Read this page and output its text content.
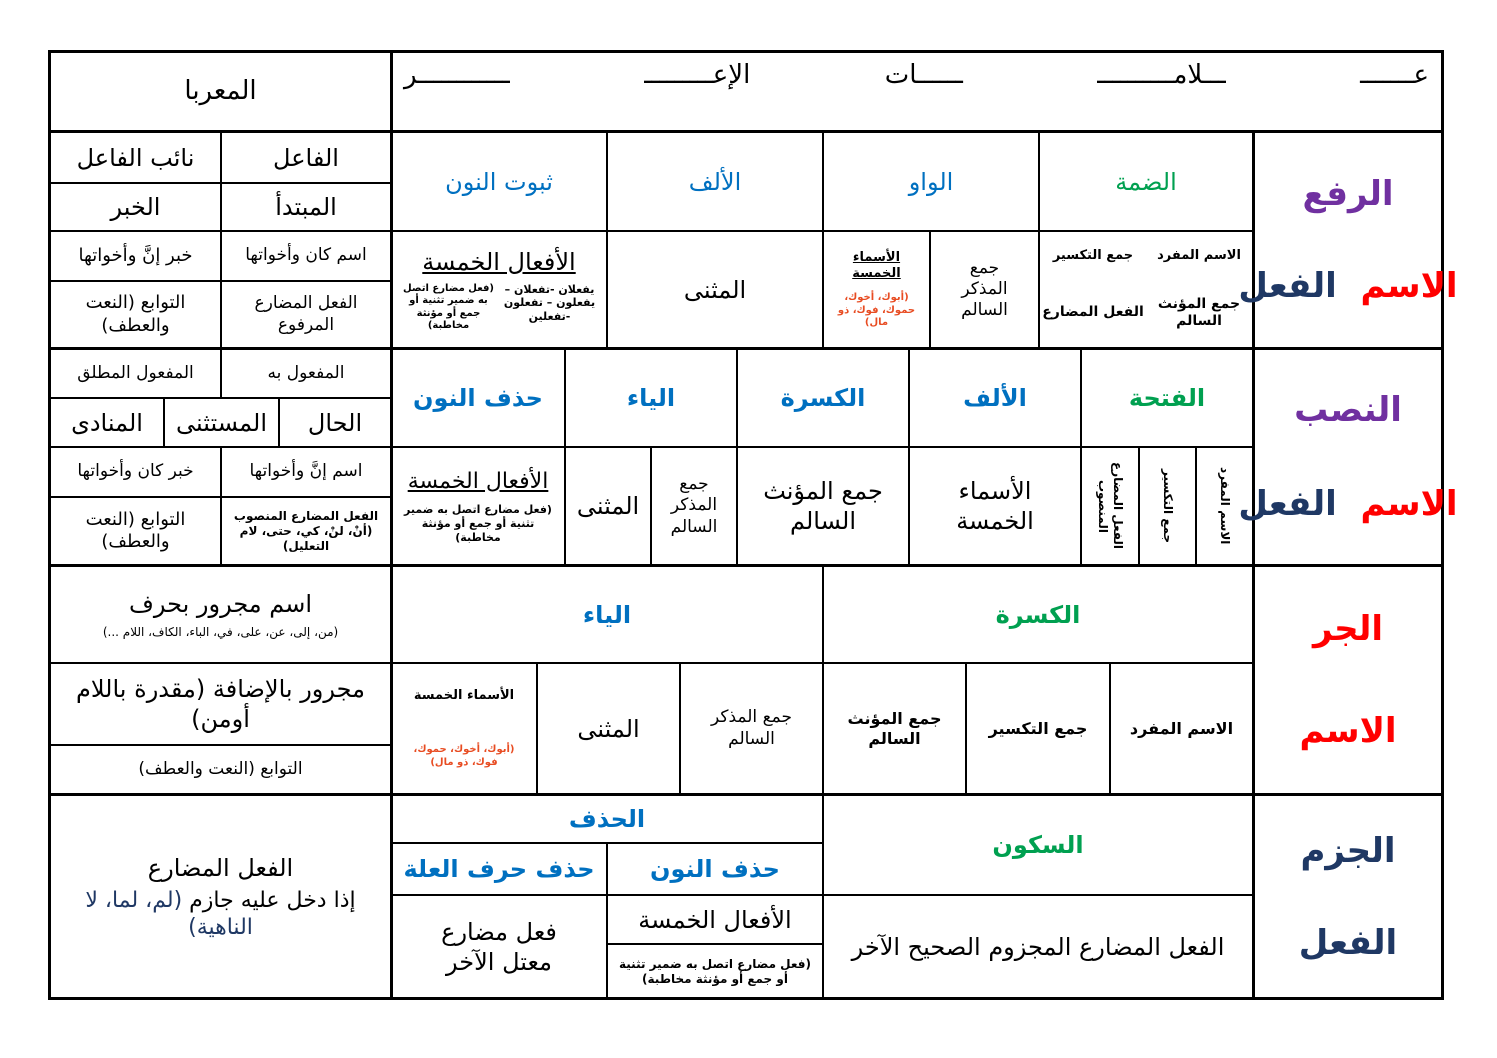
عـــــــ
ـــلامــــــــــ
ــــــات
الإعـــــــــ
ــــــــــــر
المعربا
الرفع
الاسم  الفعل
الضمة
الواو
الألف
ثبوت النون
الاسم المفرد
جمع التكسير
جمع المؤنث السالم
الفعل المضارع
جمع المذكر السالم
الأسماء الخمسة
(أبوك، أخوك، حموك، فوك، ذو مال)
المثنى
الأفعال الخمسة
يفعلان -تفعلان – يفعلون – تفعلون -تفعلين
(فعل مضارع اتصل به ضمير تثنية أو جمع أو مؤنثة مخاطبة)
الفاعل
نائب الفاعل
المبتدأ
الخبر
اسم كان وأخواتها
خبر إنَّ وأخواتها
الفعل المضارع المرفوع
التوابع (النعت والعطف)
النصب
الاسم  الفعل
الفتحة
الألف
الكسرة
الياء
حذف النون
الاسم المفرد
جمع التكسير
الفعل المضارع المنصوب
الأسماء الخمسة
جمع المؤنث السالم
جمع المذكر السالم
المثنى
الأفعال الخمسة
(فعل مضارع اتصل به ضمير تثنية أو جمع أو مؤنثة مخاطبة)
المفعول به
المفعول المطلق
الحال
المستثنى
المنادى
اسم إنَّ وأخواتها
خبر كان وأخواتها
الفعل المضارع المنصوب (أنْ، لنْ، كي، حتى، لام التعليل)
التوابع (النعت والعطف)
الجر
الاسم
الكسرة
الياء
الاسم المفرد
جمع التكسير
جمع المؤنث السالم
جمع المذكر السالم
المثنى
الأسماء الخمسة
(أبوك، أخوك، حموك، فوك، ذو مال)
اسم مجرور بحرف
(من، إلى، عن، على، في، الباء، الكاف، اللام ...)
مجرور بالإضافة (مقدرة باللام أومن)
التوابع (النعت والعطف)
الجزم
الفعل
السكون
الفعل المضارع المجزوم الصحيح الآخر
الحذف
حذف النون
حذف حرف العلة
الأفعال الخمسة
(فعل مضارع اتصل به ضمير تثنية أو جمع أو مؤنثة مخاطبة)
فعل مضارع معتل الآخر
الفعل المضارع
إذا دخل عليه جازم (لم، لما، لا الناهية)
